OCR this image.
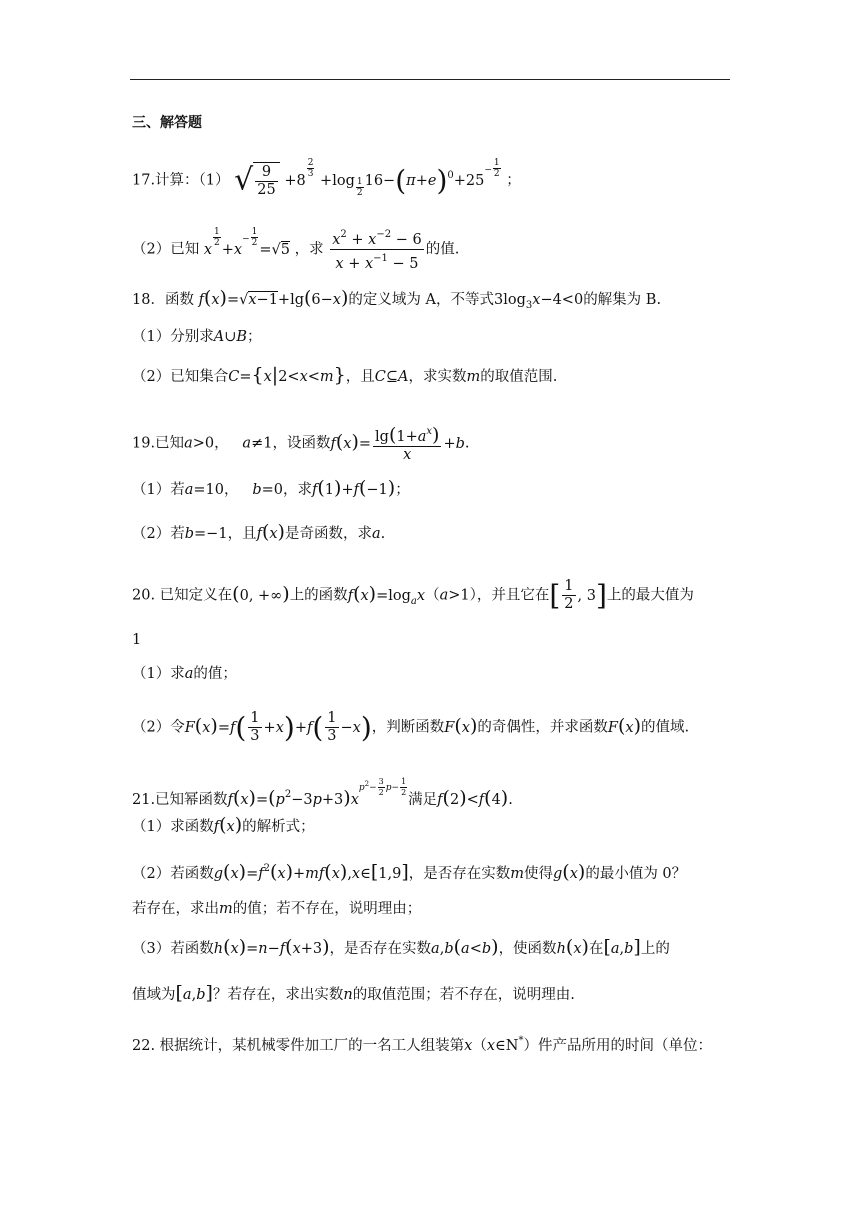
三、解答题
17.计算：（1） √ $\frac{9}{25} +8$
$\frac{2}{3}$
$+\log \frac{1}{2} 16-(\pi+e)^0+25- \frac{1}{2}$
；
（2）已知 x
$\frac{1}{2}$
$+x- \frac{1}{2}$
=√5 ，求 $\frac{x^2 + x^{-2} - 6}{x + x^{-1} - 5}$ 的值.
18．函数 f(x)=√x−1+lg(6−x)的定义域为 A，不等式$3\log_3x-4<0$的解集为 B.
（1）分别求A∪B；
（2）已知集合C={x|2<x<m}，且C⊆A，求实数m的取值范围.
19.已知a>0，   a≠1，设函数$f(x)= \frac{\lg(1+a^x)}{x} +b$.
（1）若a=10，   b=0，求f(1)+f(−1)；
（2）若b=−1，且f(x)是奇函数，求a.
20. 已知定义在(0, +∞)上的函数$f(x)=\log_ax(a>1)$，并且它在[ $\frac{1}{2}$ , 3]上的最大值为
1
（1）求a的值；
（2）令$F(x)=f( \frac{1}{3} +x)+f( \frac{1}{3} -x)$，判断函数F(x)的奇偶性，并求函数F(x)的值域.
21.已知幂函数$f(x)=(p^2-3p+3)xp^2- \frac{3}{2} p- \frac{1}{2}$
满足f(2)<f(4).
（1）求函数f(x)的解析式；
（2）若函数$g(x)=f^2(x)+mf(x),x\in[1,9]$，是否存在实数m使得g(x)的最小值为 0？
若存在，求出m的值；若不存在，说明理由；
（3）若函数h(x)=n−f(x+3)，是否存在实数a,b(a<b)，使函数h(x)在[a,b]上的
值域为[a,b]？若存在，求出实数n的取值范围；若不存在，说明理由.
22. 根据统计，某机械零件加工厂的一名工人组装第x（x∈N*）件产品所用的时间（单位：
